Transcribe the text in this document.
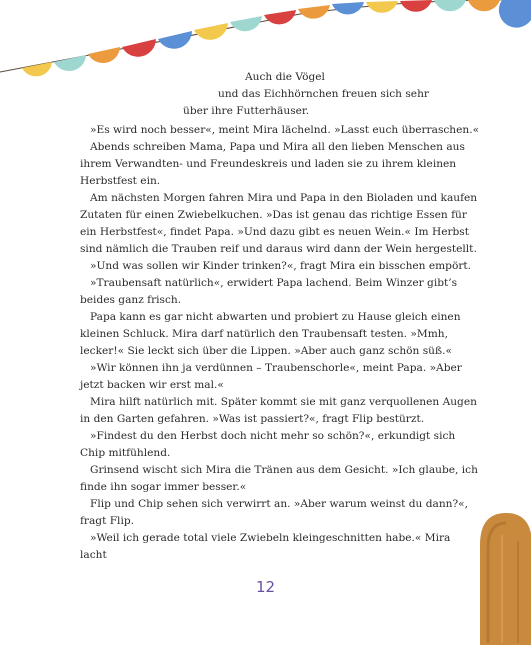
Auch die Vögel
und das Eichhörnchen freuen sich sehr
über ihre Futterhäuser.

»Es wird noch besser«, meint Mira lächelnd. »Lasst euch überraschen.«

Abends schreiben Mama, Papa und Mira all den lieben Menschen aus ihrem Verwandten- und Freundeskreis und laden sie zu ihrem kleinen Herbstfest ein.

Am nächsten Morgen fahren Mira und Papa in den Bioladen und kaufen Zutaten für einen Zwiebelkuchen. »Das ist genau das richtige Essen für ein Herbstfest«, findet Papa. »Und dazu gibt es neuen Wein.« Im Herbst sind nämlich die Trauben reif und daraus wird dann der Wein hergestellt.

»Und was sollen wir Kinder trinken?«, fragt Mira ein bisschen empört.

»Traubensaft natürlich«, erwidert Papa lachend. Beim Winzer gibt’s beides ganz frisch.

Papa kann es gar nicht abwarten und probiert zu Hause gleich einen kleinen Schluck. Mira darf natürlich den Traubensaft testen. »Mmh, lecker!« Sie leckt sich über die Lippen. »Aber auch ganz schön süß.«

»Wir können ihn ja verdünnen – Traubenschorle«, meint Papa. »Aber jetzt backen wir erst mal.«

Mira hilft natürlich mit. Später kommt sie mit ganz verquollenen Augen in den Garten gefahren. »Was ist passiert?«, fragt Flip bestürzt.

»Findest du den Herbst doch nicht mehr so schön?«, erkundigt sich Chip mitfühlend.

Grinsend wischt sich Mira die Tränen aus dem Gesicht. »Ich glaube, ich finde ihn sogar immer besser.«

Flip und Chip sehen sich verwirrt an. »Aber warum weinst du dann?«, fragt Flip.

»Weil ich gerade total viele Zwiebeln kleingeschnitten habe.« Mira lacht

12
